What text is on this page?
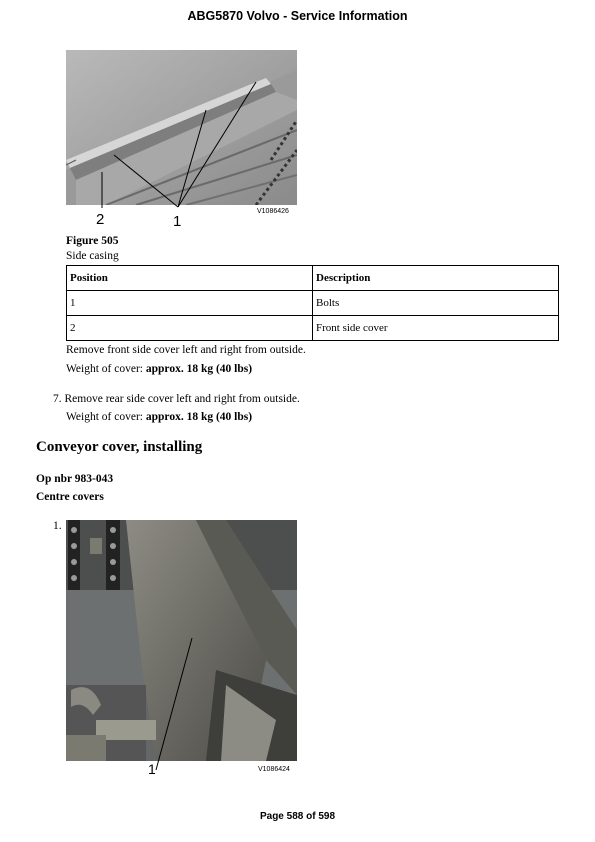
ABG5870 Volvo - Service Information
2	1
V1086426
Figure 505
Side casing
Position	Description
1	Bolts
2	Front side cover
Remove front side cover left and right from outside.
Weight of cover: approx. 18 kg (40 lbs)
7. Remove rear side cover left and right from outside.
Weight of cover: approx. 18 kg (40 lbs)
Conveyor cover, installing
Op nbr 983-043
Centre covers
1.
1	V1086424
Page 588 of 598
